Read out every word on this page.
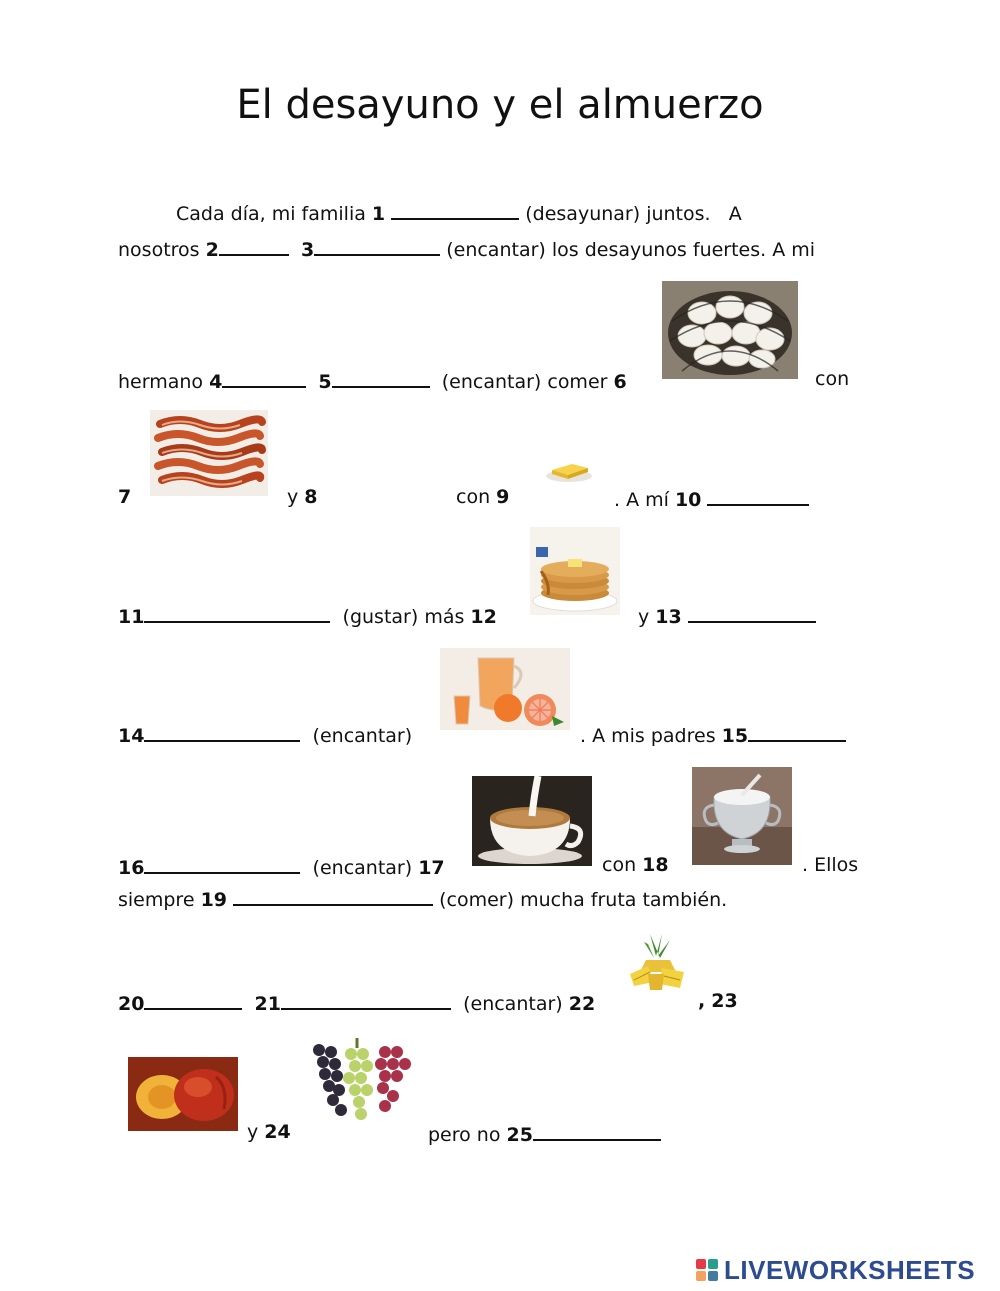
El desayuno y el almuerzo
Cada día, mi familia 1	(desayunar) juntos. A
nosotros 2	3	(encantar) los desayunos fuertes. A mi
hermano 4	5	(encantar) comer 6	con
7	y 8	con 9	. A mí 10
11	(gustar) más 12	y 13
14	(encantar)	. A mis padres 15
16	(encantar) 17	con 18	. Ellos
siempre 19	(comer) mucha fruta también.
20	21	(encantar) 22	, 23
y 24	pero no 25
LIVEWORKSHEETS
